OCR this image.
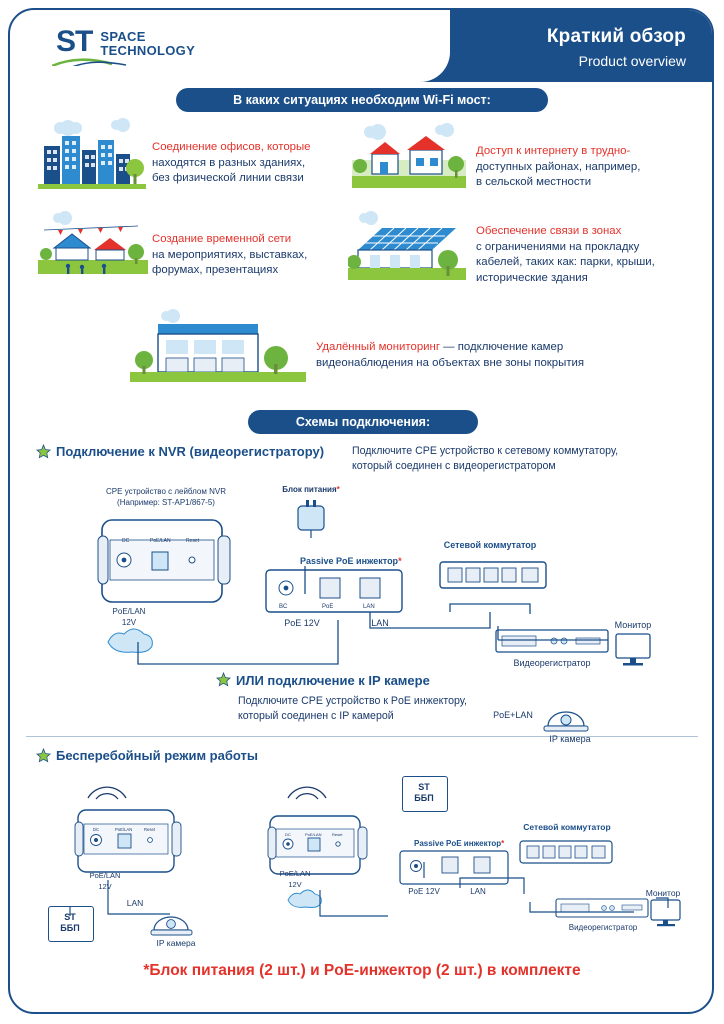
ST SPACE
TECHNOLOGY
Краткий обзор
Product overview
В каких ситуациях необходим Wi-Fi мост:
Соединение офисов, которые
находятся в разных зданиях,
без физической линии связи
Доступ к интернету в трудно-
доступных районах, например,
в сельской местности
Создание временной сети
на мероприятиях, выставках,
форумах, презентациях
Обеспечение связи в зонах
с ограничениями на прокладку
кабелей, таких как: парки, крыши,
исторические здания
Удалённый мониторинг — подключение камер
видеонаблюдения на объектах вне зоны покрытия
Схемы подключения:
Подключение к NVR (видеорегистратору)	Подключите CPE устройство к сетевому коммутатору,
который соединен с видеорегистратором
CPE устройство с лейблом NVR
(Например: ST-AP1/867-5)
DC	PoE/LAN	Reset
PoE/LAN
12V
Блок питания*
Passive PoE инжектор*
BC	PoE	LAN
PoE 12V	LAN
Сетевой коммутатор
Видеорегистратор
Монитор
ИЛИ подключение к IP камере
Подключите CPE устройство к PoE инжектору,
который соединен с IP камерой	PoE+LAN
IP камера
Бесперебойный режим работы
DC	PoE/LAN	Reset
PoE/LAN
12V
ST
ББП
LAN
IP камера
DC	PoE/LAN	Reset
PoE/LAN
12V
ST
ББП
Passive PoE инжектор*
PoE 12V	LAN
Сетевой коммутатор
Видеорегистратор
Монитор
*Блок питания (2 шт.) и PoE-инжектор (2 шт.) в комплекте
